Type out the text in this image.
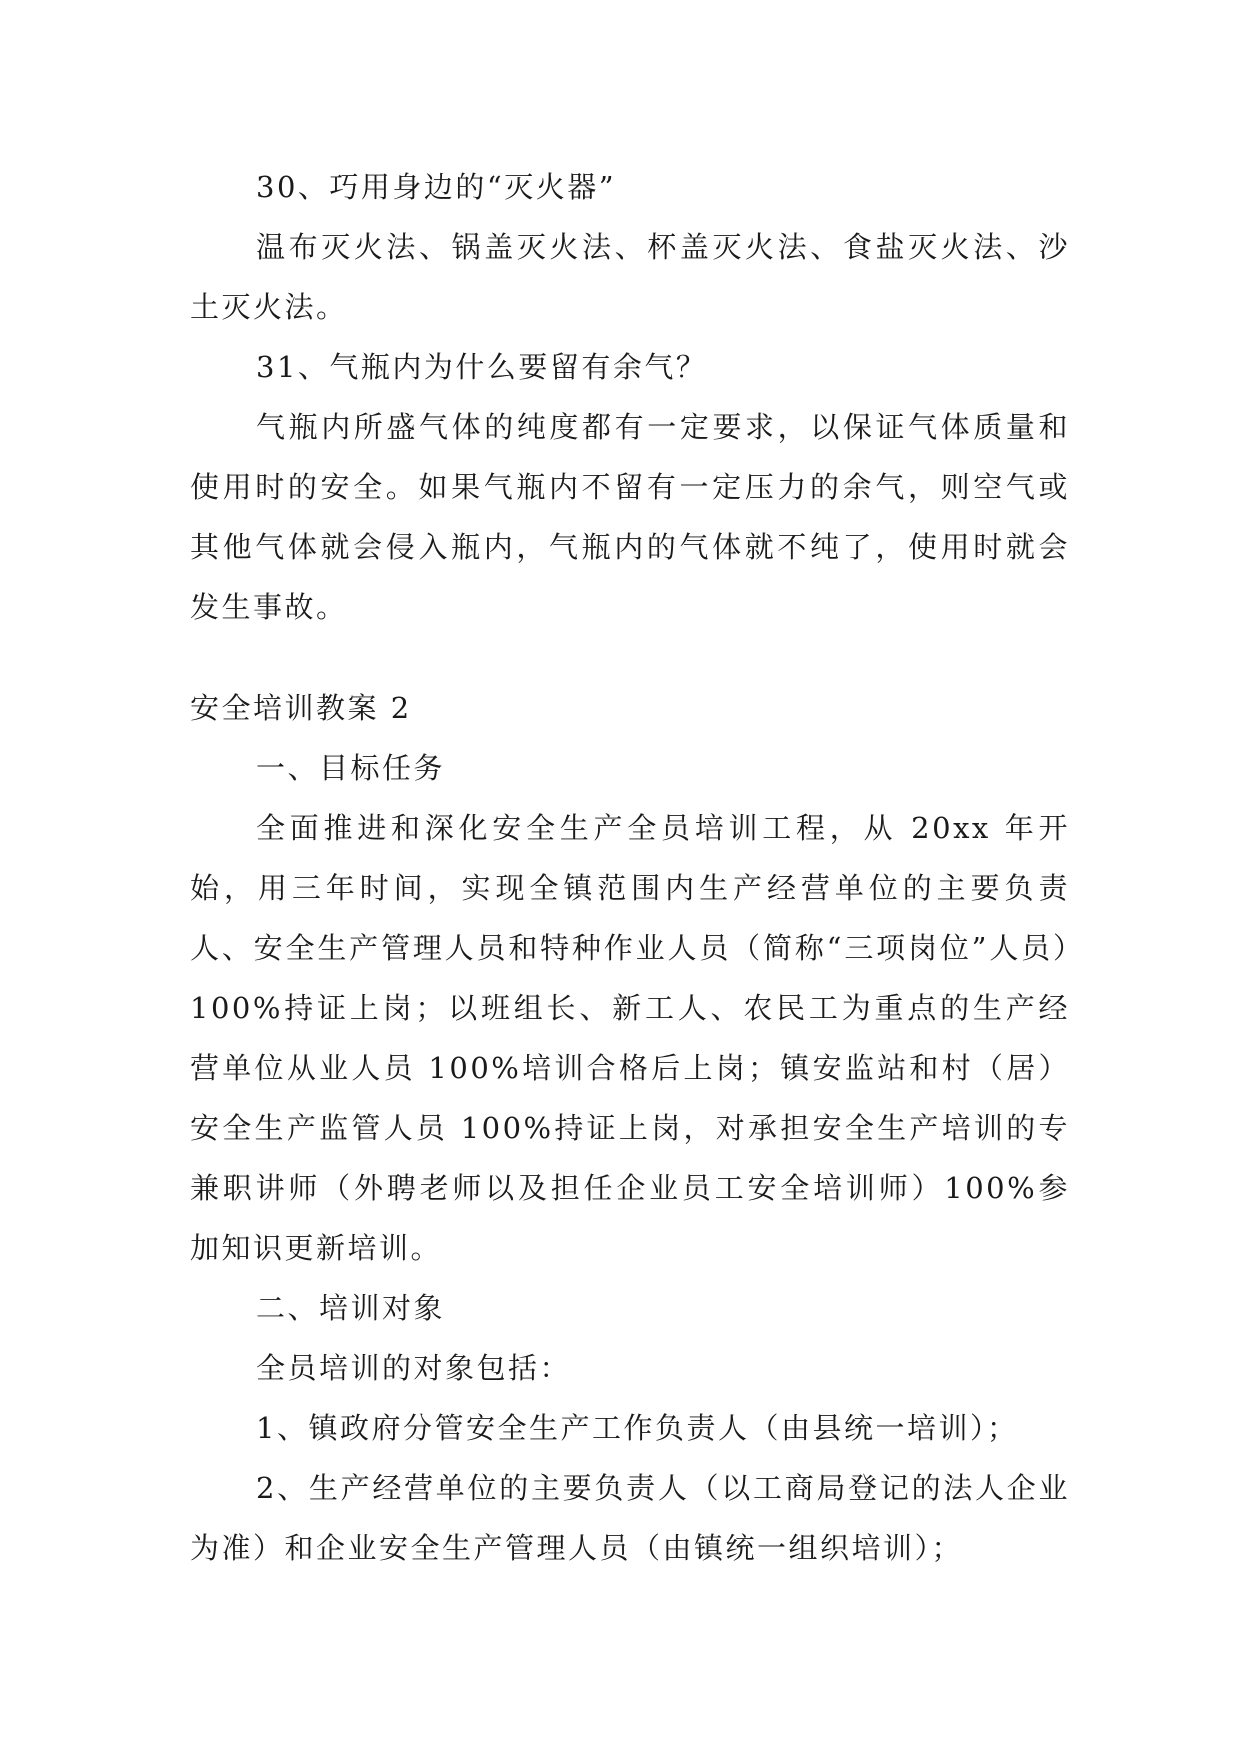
30、巧用身边的“灭火器”

温布灭火法、锅盖灭火法、杯盖灭火法、食盐灭火法、沙土灭火法。

31、气瓶内为什么要留有余气？

气瓶内所盛气体的纯度都有一定要求，以保证气体质量和使用时的安全。如果气瓶内不留有一定压力的余气，则空气或其他气体就会侵入瓶内，气瓶内的气体就不纯了，使用时就会发生事故。

安全培训教案 2

一、目标任务

全面推进和深化安全生产全员培训工程，从 20xx 年开始，用三年时间，实现全镇范围内生产经营单位的主要负责人、安全生产管理人员和特种作业人员（简称“三项岗位”人员）100%持证上岗；以班组长、新工人、农民工为重点的生产经营单位从业人员 100%培训合格后上岗；镇安监站和村（居）安全生产监管人员 100%持证上岗，对承担安全生产培训的专兼职讲师（外聘老师以及担任企业员工安全培训师）100%参加知识更新培训。

二、培训对象

全员培训的对象包括：

1、镇政府分管安全生产工作负责人（由县统一培训）；

2、生产经营单位的主要负责人（以工商局登记的法人企业为准）和企业安全生产管理人员（由镇统一组织培训）；
